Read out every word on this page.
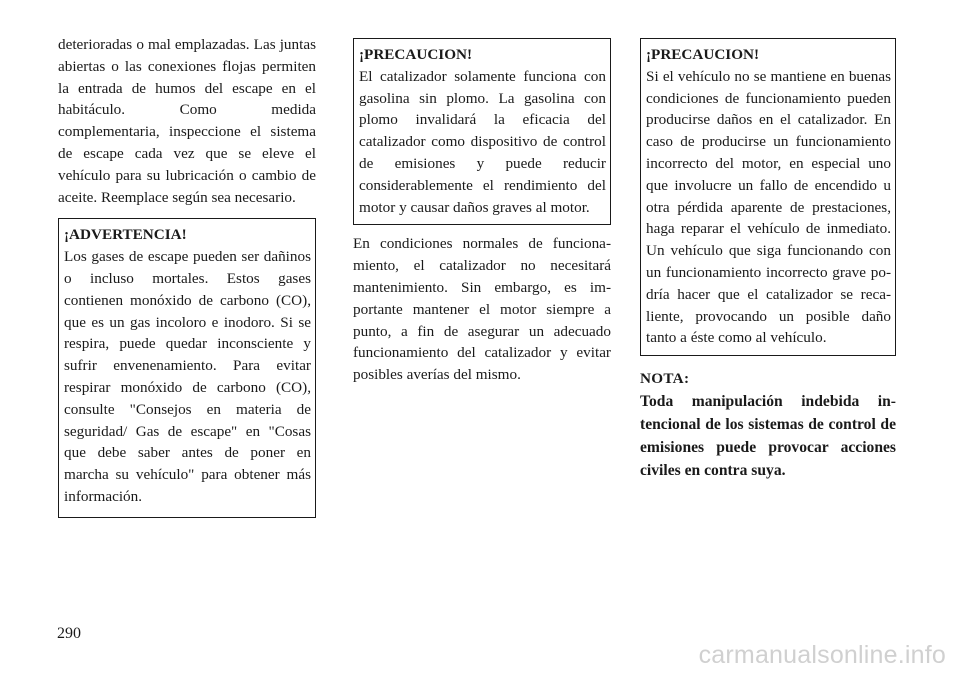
deterioradas o mal emplazadas. Las juntas abiertas o las conexiones flojas permiten la entrada de humos del escape en el habitáculo. Como medida complementaria, inspeccione el sistema de escape cada vez que se eleve el vehículo para su lubricación o cambio de aceite. Reemplace según sea necesario.

¡ADVERTENCIA!

Los gases de escape pueden ser dañinos o incluso mortales. Estos gases contienen monóxido de carbono (CO), que es un gas incoloro e inodoro. Si se respira, puede quedar inconsciente y sufrir envenenamiento. Para evitar respirar monóxido de carbono (CO), consulte "Consejos en materia de seguridad/ Gas de escape" en "Cosas que debe saber antes de poner en marcha su vehículo" para obtener más información.

¡PRECAUCION!

El catalizador solamente funciona con gasolina sin plomo. La gasolina con plomo invalidará la eficacia del catalizador como dispositivo de control de emisiones y puede reducir considerablemente el rendimiento del motor y causar daños graves al motor.

En condiciones normales de funcionamiento, el catalizador no necesitará mantenimiento. Sin embargo, es importante mantener el motor siempre a punto, a fin de asegurar un adecuado funcionamiento del catalizador y evitar posibles averías del mismo.

¡PRECAUCION!

Si el vehículo no se mantiene en buenas condiciones de funcionamiento pueden producirse daños en el catalizador. En caso de producirse un funcionamiento incorrecto del motor, en especial uno que involucre un fallo de encendido u otra pérdida aparente de prestaciones, haga reparar el vehículo de inmediato. Un vehículo que siga funcionando con un funcionamiento incorrecto grave podría hacer que el catalizador se recaliente, provocando un posible daño tanto a éste como al vehículo.

NOTA:

Toda manipulación indebida intencional de los sistemas de control de emisiones puede provocar acciones civiles en contra suya.

290
carmanualsonline.info
